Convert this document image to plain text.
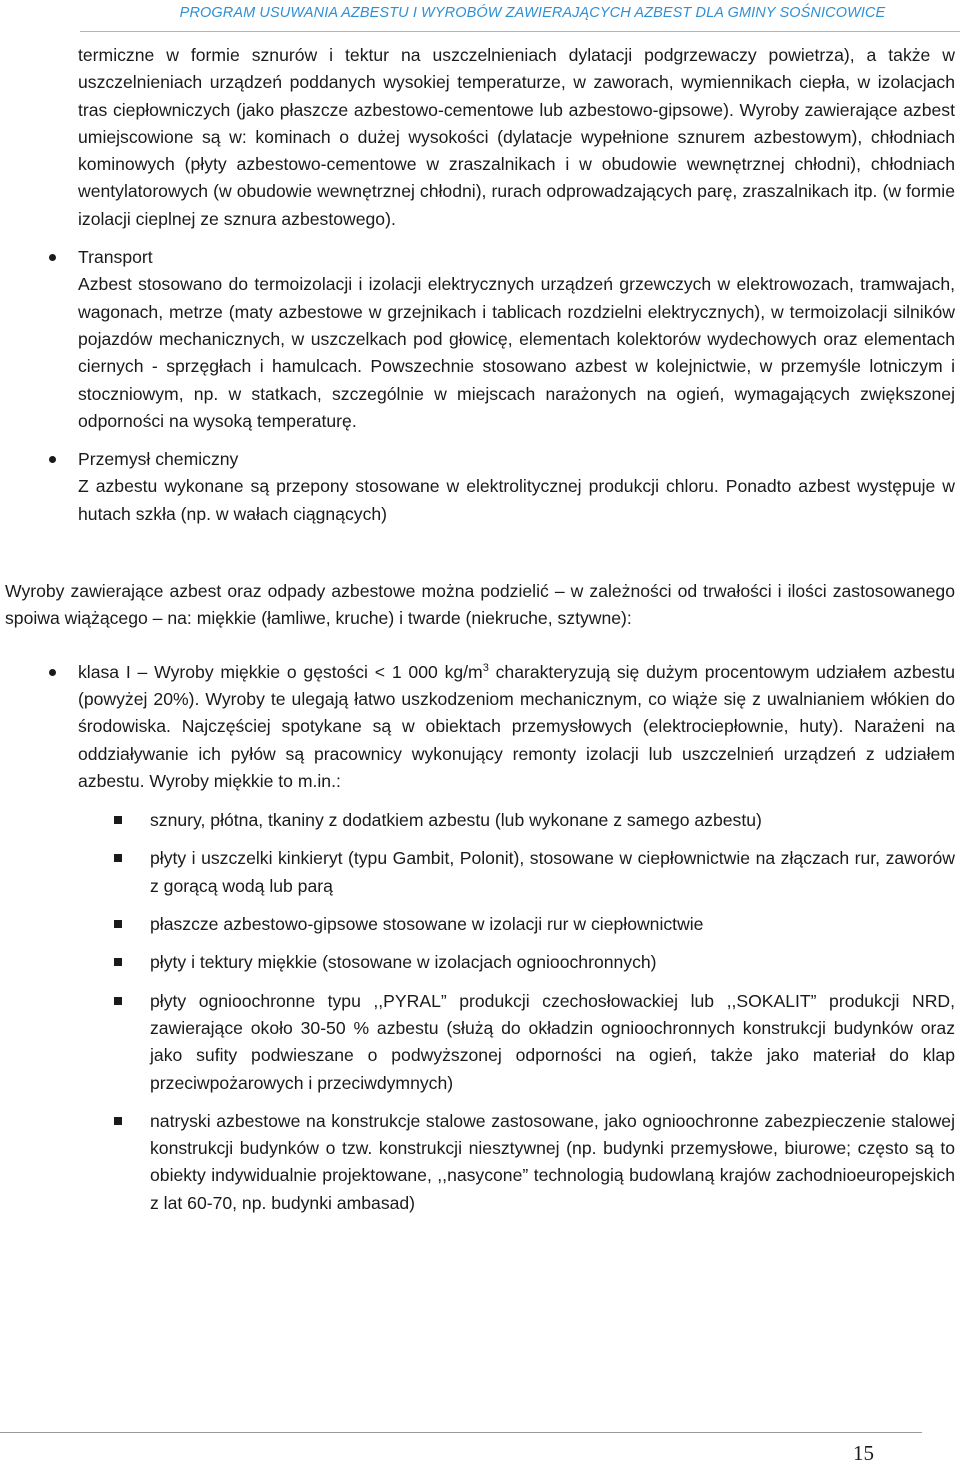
PROGRAM USUWANIA AZBESTU I WYROBÓW ZAWIERAJĄCYCH AZBEST DLA GMINY SOŚNICOWICE

termiczne w formie sznurów i tektur na uszczelnieniach dylatacji podgrzewaczy powietrza), a także w uszczelnieniach urządzeń poddanych wysokiej temperaturze, w zaworach, wymiennikach ciepła, w izolacjach tras ciepłowniczych (jako płaszcze azbestowo-cementowe lub azbestowo-gipsowe). Wyroby zawierające azbest umiejscowione są w: kominach o dużej wysokości (dylatacje wypełnione sznurem azbestowym), chłodniach kominowych (płyty azbestowo-cementowe w zraszalnikach i w obudowie wewnętrznej chłodni), chłodniach wentylatorowych (w obudowie wewnętrznej chłodni), rurach odprowadzających parę, zraszalnikach itp. (w formie izolacji cieplnej ze sznura azbestowego).

Transport

Azbest stosowano do termoizolacji i izolacji elektrycznych urządzeń grzewczych w elektrowozach, tramwajach, wagonach, metrze (maty azbestowe w grzejnikach i tablicach rozdzielni elektrycznych), w termoizolacji silników pojazdów mechanicznych, w uszczelkach pod głowicę, elementach kolektorów wydechowych oraz elementach ciernych - sprzęgłach i hamulcach. Powszechnie stosowano azbest w kolejnictwie, w przemyśle lotniczym i stoczniowym, np. w statkach, szczególnie w miejscach narażonych na ogień, wymagających zwiększonej odporności na wysoką temperaturę.

Przemysł chemiczny

Z azbestu wykonane są przepony stosowane w elektrolitycznej produkcji chloru. Ponadto azbest występuje w hutach szkła (np. w wałach ciągnących)

Wyroby zawierające azbest oraz odpady azbestowe można podzielić – w zależności od trwałości i ilości zastosowanego spoiwa wiążącego – na: miękkie (łamliwe, kruche) i twarde (niekruche, sztywne):

klasa I – Wyroby miękkie o gęstości < 1 000 $kg/m^3$ charakteryzują się dużym procentowym udziałem azbestu (powyżej 20%). Wyroby te ulegają łatwo uszkodzeniom mechanicznym, co wiąże się z uwalnianiem włókien do środowiska. Najczęściej spotykane są w obiektach przemysłowych (elektrociepłownie, huty). Narażeni na oddziaływanie ich pyłów są pracownicy wykonujący remonty izolacji lub uszczelnień urządzeń z udziałem azbestu. Wyroby miękkie to m.in.:

sznury, płótna, tkaniny z dodatkiem azbestu (lub wykonane z samego azbestu)
płyty i uszczelki kinkieryt (typu Gambit, Polonit), stosowane w ciepłownictwie na złączach rur, zaworów z gorącą wodą lub parą
płaszcze azbestowo-gipsowe stosowane w izolacji rur w ciepłownictwie
płyty i tektury miękkie (stosowane w izolacjach ognioochronnych)
płyty ognioochronne typu ,,PYRAL” produkcji czechosłowackiej lub ,,SOKALIT” produkcji NRD, zawierające około 30-50 % azbestu (służą do okładzin ognioochronnych konstrukcji budynków oraz jako sufity podwieszane o podwyższonej odporności na ogień, także jako materiał do klap przeciwpożarowych i przeciwdymnych)
natryski azbestowe na konstrukcje stalowe zastosowane, jako ognioochronne zabezpieczenie stalowej konstrukcji budynków o tzw. konstrukcji niesztywnej (np. budynki przemysłowe, biurowe; często są to obiekty indywidualnie projektowane, ,,nasycone” technologią budowlaną krajów zachodnioeuropejskich z lat 60-70, np. budynki ambasad)
15
